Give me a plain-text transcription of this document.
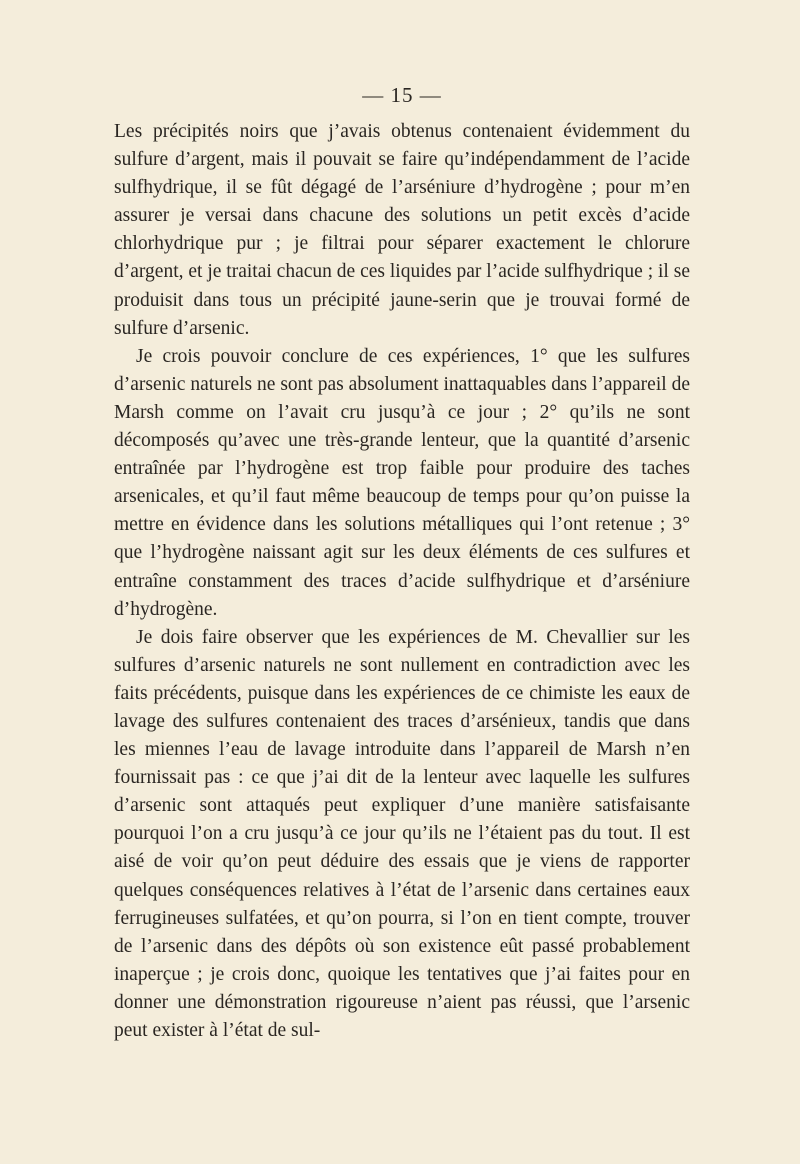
— 15 —

Les précipités noirs que j’avais obtenus contenaient évidemment du sulfure d’argent, mais il pouvait se faire qu’indépendamment de l’acide sulfhydrique, il se fût dégagé de l’arséniure d’hydrogène ; pour m’en assurer je versai dans chacune des solutions un petit excès d’acide chlorhydrique pur ; je filtrai pour séparer exactement le chlorure d’argent, et je traitai chacun de ces liquides par l’acide sulfhydrique ; il se produisit dans tous un précipité jaune-serin que je trouvai formé de sulfure d’arsenic.

Je crois pouvoir conclure de ces expériences, 1° que les sulfures d’arsenic naturels ne sont pas absolument inattaquables dans l’appareil de Marsh comme on l’avait cru jusqu’à ce jour ; 2° qu’ils ne sont décomposés qu’avec une très-grande lenteur, que la quantité d’arsenic entraînée par l’hydrogène est trop faible pour produire des taches arsenicales, et qu’il faut même beaucoup de temps pour qu’on puisse la mettre en évidence dans les solutions métalliques qui l’ont retenue ; 3° que l’hydrogène naissant agit sur les deux éléments de ces sulfures et entraîne constamment des traces d’acide sulfhydrique et d’arséniure d’hydrogène.

Je dois faire observer que les expériences de M. Chevallier sur les sulfures d’arsenic naturels ne sont nullement en contradiction avec les faits précédents, puisque dans les expériences de ce chimiste les eaux de lavage des sulfures contenaient des traces d’arsénieux, tandis que dans les miennes l’eau de lavage introduite dans l’appareil de Marsh n’en fournissait pas : ce que j’ai dit de la lenteur avec laquelle les sulfures d’arsenic sont attaqués peut expliquer d’une manière satisfaisante pourquoi l’on a cru jusqu’à ce jour qu’ils ne l’étaient pas du tout. Il est aisé de voir qu’on peut déduire des essais que je viens de rapporter quelques conséquences relatives à l’état de l’arsenic dans certaines eaux ferrugineuses sulfatées, et qu’on pourra, si l’on en tient compte, trouver de l’arsenic dans des dépôts où son existence eût passé probablement inaperçue ; je crois donc, quoique les tentatives que j’ai faites pour en donner une démonstration rigoureuse n’aient pas réussi, que l’arsenic peut exister à l’état de sul-
